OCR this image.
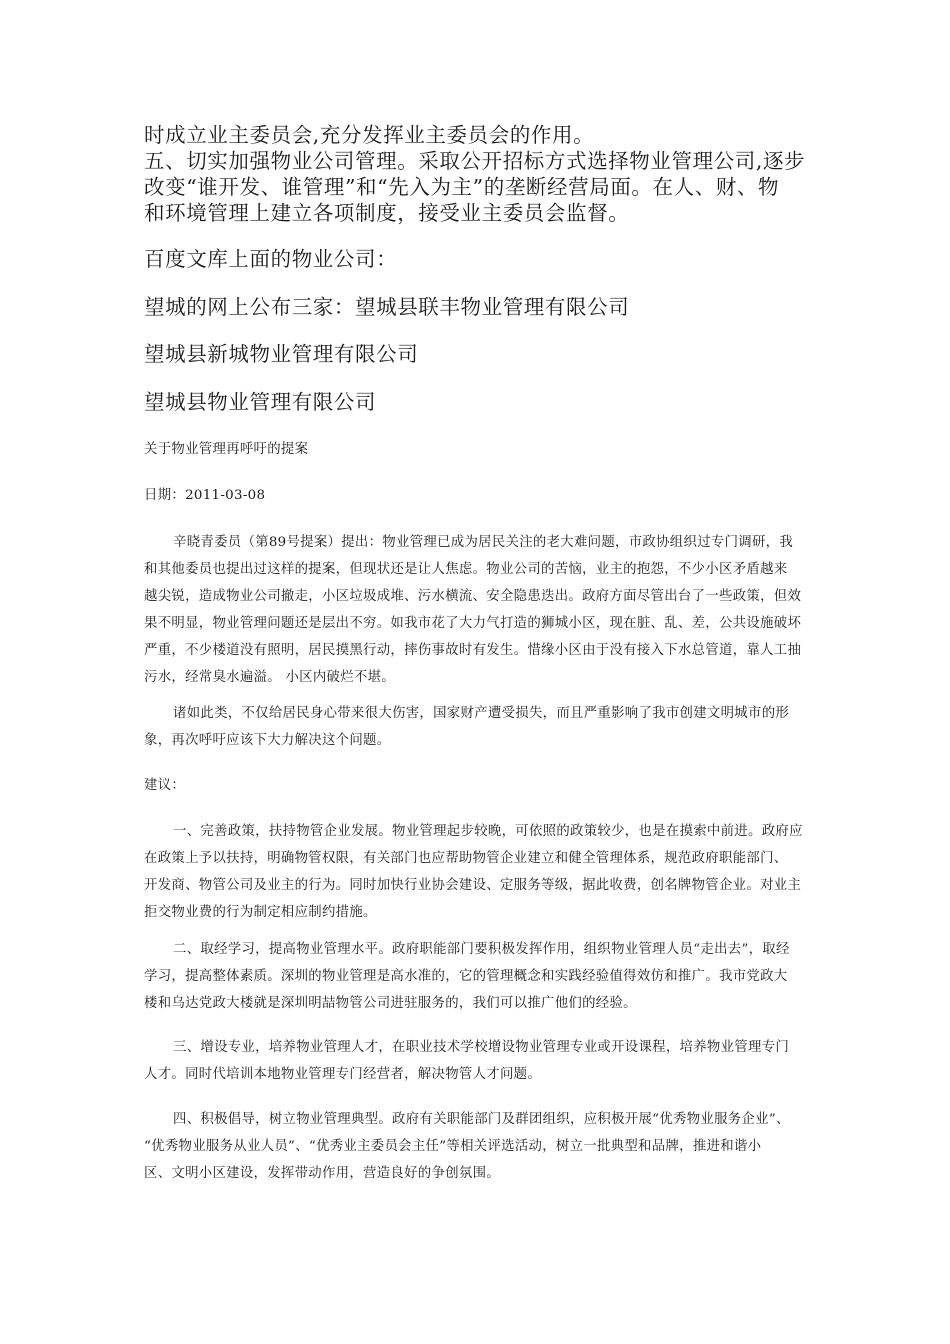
时成立业主委员会,充分发挥业主委员会的作用。
五、切实加强物业公司管理。采取公开招标方式选择物业管理公司,逐步
改变“谁开发、谁管理”和“先入为主”的垄断经营局面。在人、财、物
和环境管理上建立各项制度，接受业主委员会监督。
百度文库上面的物业公司：
望城的网上公布三家：望城县联丰物业管理有限公司
望城县新城物业管理有限公司
望城县物业管理有限公司
关于物业管理再呼吁的提案
日期：2011-03-08
辛晓青委员（第89号提案）提出：物业管理已成为居民关注的老大难问题，市政协组织过专门调研，我
和其他委员也提出过这样的提案，但现状还是让人焦虑。物业公司的苦恼，业主的抱怨，不少小区矛盾越来
越尖锐，造成物业公司撤走，小区垃圾成堆、污水横流、安全隐患迭出。政府方面尽管出台了一些政策，但效
果不明显，物业管理问题还是层出不穷。如我市花了大力气打造的狮城小区，现在脏、乱、差，公共设施破坏
严重，不少楼道没有照明，居民摸黑行动，摔伤事故时有发生。惜缘小区由于没有接入下水总管道，靠人工抽
污水，经常臭水遍溢。 小区内破烂不堪。
诸如此类，不仅给居民身心带来很大伤害，国家财产遭受损失，而且严重影响了我市创建文明城市的形
象，再次呼吁应该下大力解决这个问题。
建议：
一、完善政策，扶持物管企业发展。物业管理起步较晚，可依照的政策较少，也是在摸索中前进。政府应
在政策上予以扶持，明确物管权限，有关部门也应帮助物管企业建立和健全管理体系，规范政府职能部门、
开发商、物管公司及业主的行为。同时加快行业协会建设、定服务等级，据此收费，创名牌物管企业。对业主
拒交物业费的行为制定相应制约措施。
二、取经学习，提高物业管理水平。政府职能部门要积极发挥作用，组织物业管理人员“走出去”，取经
学习，提高整体素质。深圳的物业管理是高水准的，它的管理概念和实践经验值得效仿和推广。我市党政大
楼和乌达党政大楼就是深圳明喆物管公司进驻服务的，我们可以推广他们的经验。
三、增设专业，培养物业管理人才，在职业技术学校增设物业管理专业或开设课程，培养物业管理专门
人才。同时代培训本地物业管理专门经营者，解决物管人才问题。
四、积极倡导，树立物业管理典型。政府有关职能部门及群团组织，应积极开展“优秀物业服务企业”、
“优秀物业服务从业人员”、“优秀业主委员会主任”等相关评选活动，树立一批典型和品牌，推进和谐小
区、文明小区建设，发挥带动作用，营造良好的争创氛围。
